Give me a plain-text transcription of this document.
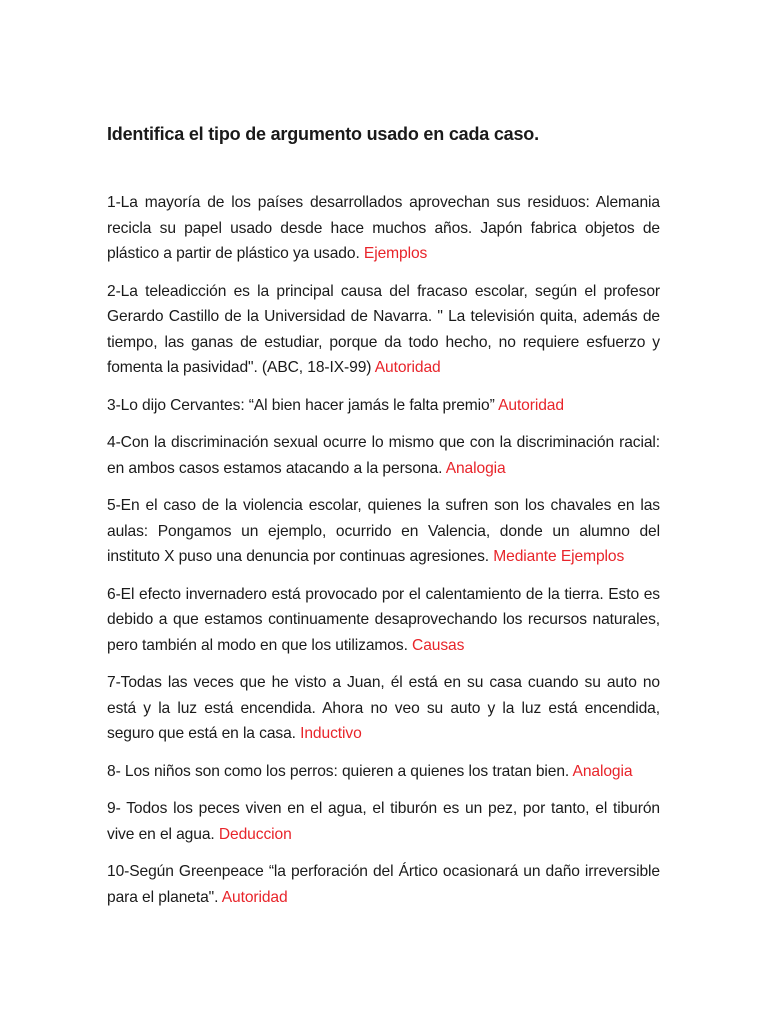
Identifica el tipo de argumento usado en cada caso.

1-La mayoría de los países desarrollados aprovechan sus residuos: Alemania recicla su papel usado desde hace muchos años. Japón fabrica objetos de plástico a partir de plástico ya usado. Ejemplos

2-La teleadicción es la principal causa del fracaso escolar, según el profesor Gerardo Castillo de la Universidad de Navarra. " La televisión quita, además de tiempo, las ganas de estudiar, porque da todo hecho, no requiere esfuerzo y fomenta la pasividad". (ABC, 18-IX-99) Autoridad

3-Lo dijo Cervantes: “Al bien hacer jamás le falta premio” Autoridad

4-Con la discriminación sexual ocurre lo mismo que con la discriminación racial: en ambos casos estamos atacando a la persona. Analogia

5-En el caso de la violencia escolar, quienes la sufren son los chavales en las aulas: Pongamos un ejemplo, ocurrido en Valencia, donde un alumno del instituto X puso una denuncia por continuas agresiones. Mediante Ejemplos

6-El efecto invernadero está provocado por el calentamiento de la tierra. Esto es debido a que estamos continuamente desaprovechando los recursos naturales, pero también al modo en que los utilizamos. Causas

7-Todas las veces que he visto a Juan, él está en su casa cuando su auto no está y la luz está encendida. Ahora no veo su auto y la luz está encendida, seguro que está en la casa. Inductivo

8- Los niños son como los perros: quieren a quienes los tratan bien. Analogia

9- Todos los peces viven en el agua, el tiburón es un pez, por tanto, el tiburón vive en el agua. Deduccion

10-Según Greenpeace “la perforación del Ártico ocasionará un daño irreversible para el planeta". Autoridad
